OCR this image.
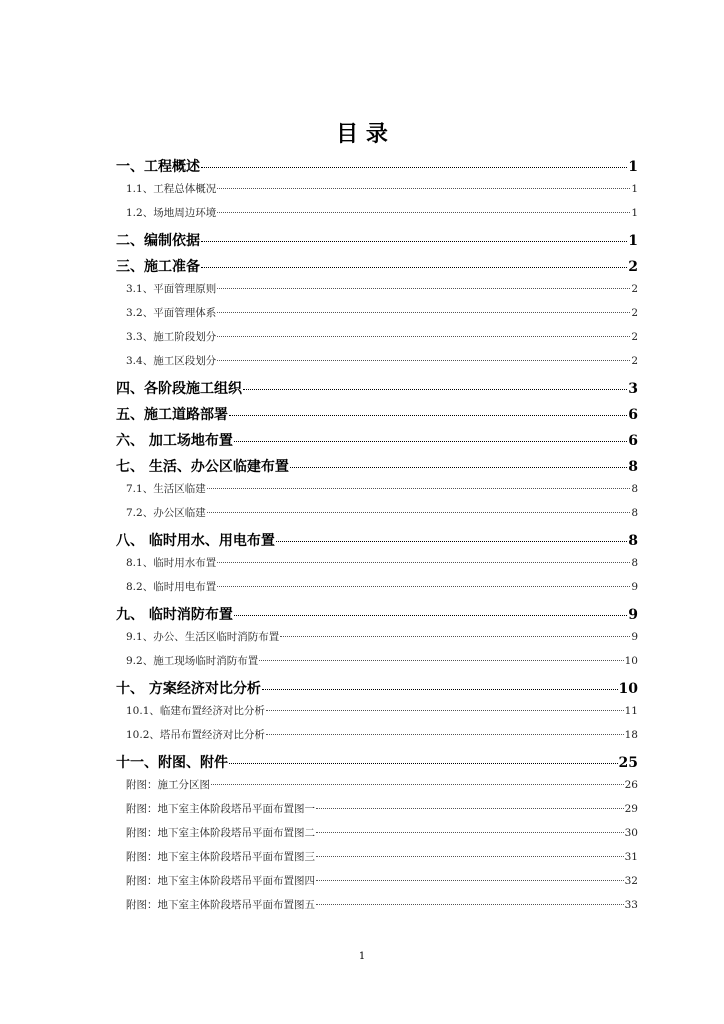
目 录
一、工程概述	1
1.1、工程总体概况	1
1.2、场地周边环境	1
二、编制依据	1
三、施工准备	2
3.1、平面管理原则	2
3.2、平面管理体系	2
3.3、施工阶段划分	2
3.4、施工区段划分	2
四、各阶段施工组织	3
五、施工道路部署	6
六、 加工场地布置	6
七、 生活、办公区临建布置	8
7.1、生活区临建	8
7.2、办公区临建	8
八、 临时用水、用电布置	8
8.1、临时用水布置	8
8.2、临时用电布置	9
九、 临时消防布置	9
9.1、办公、生活区临时消防布置	9
9.2、施工现场临时消防布置	10
十、 方案经济对比分析	10
10.1、临建布置经济对比分析	11
10.2、塔吊布置经济对比分析	18
十一、附图、附件	25
附图：施工分区图	26
附图：地下室主体阶段塔吊平面布置图一	29
附图：地下室主体阶段塔吊平面布置图二	30
附图：地下室主体阶段塔吊平面布置图三	31
附图：地下室主体阶段塔吊平面布置图四	32
附图：地下室主体阶段塔吊平面布置图五	33
1
